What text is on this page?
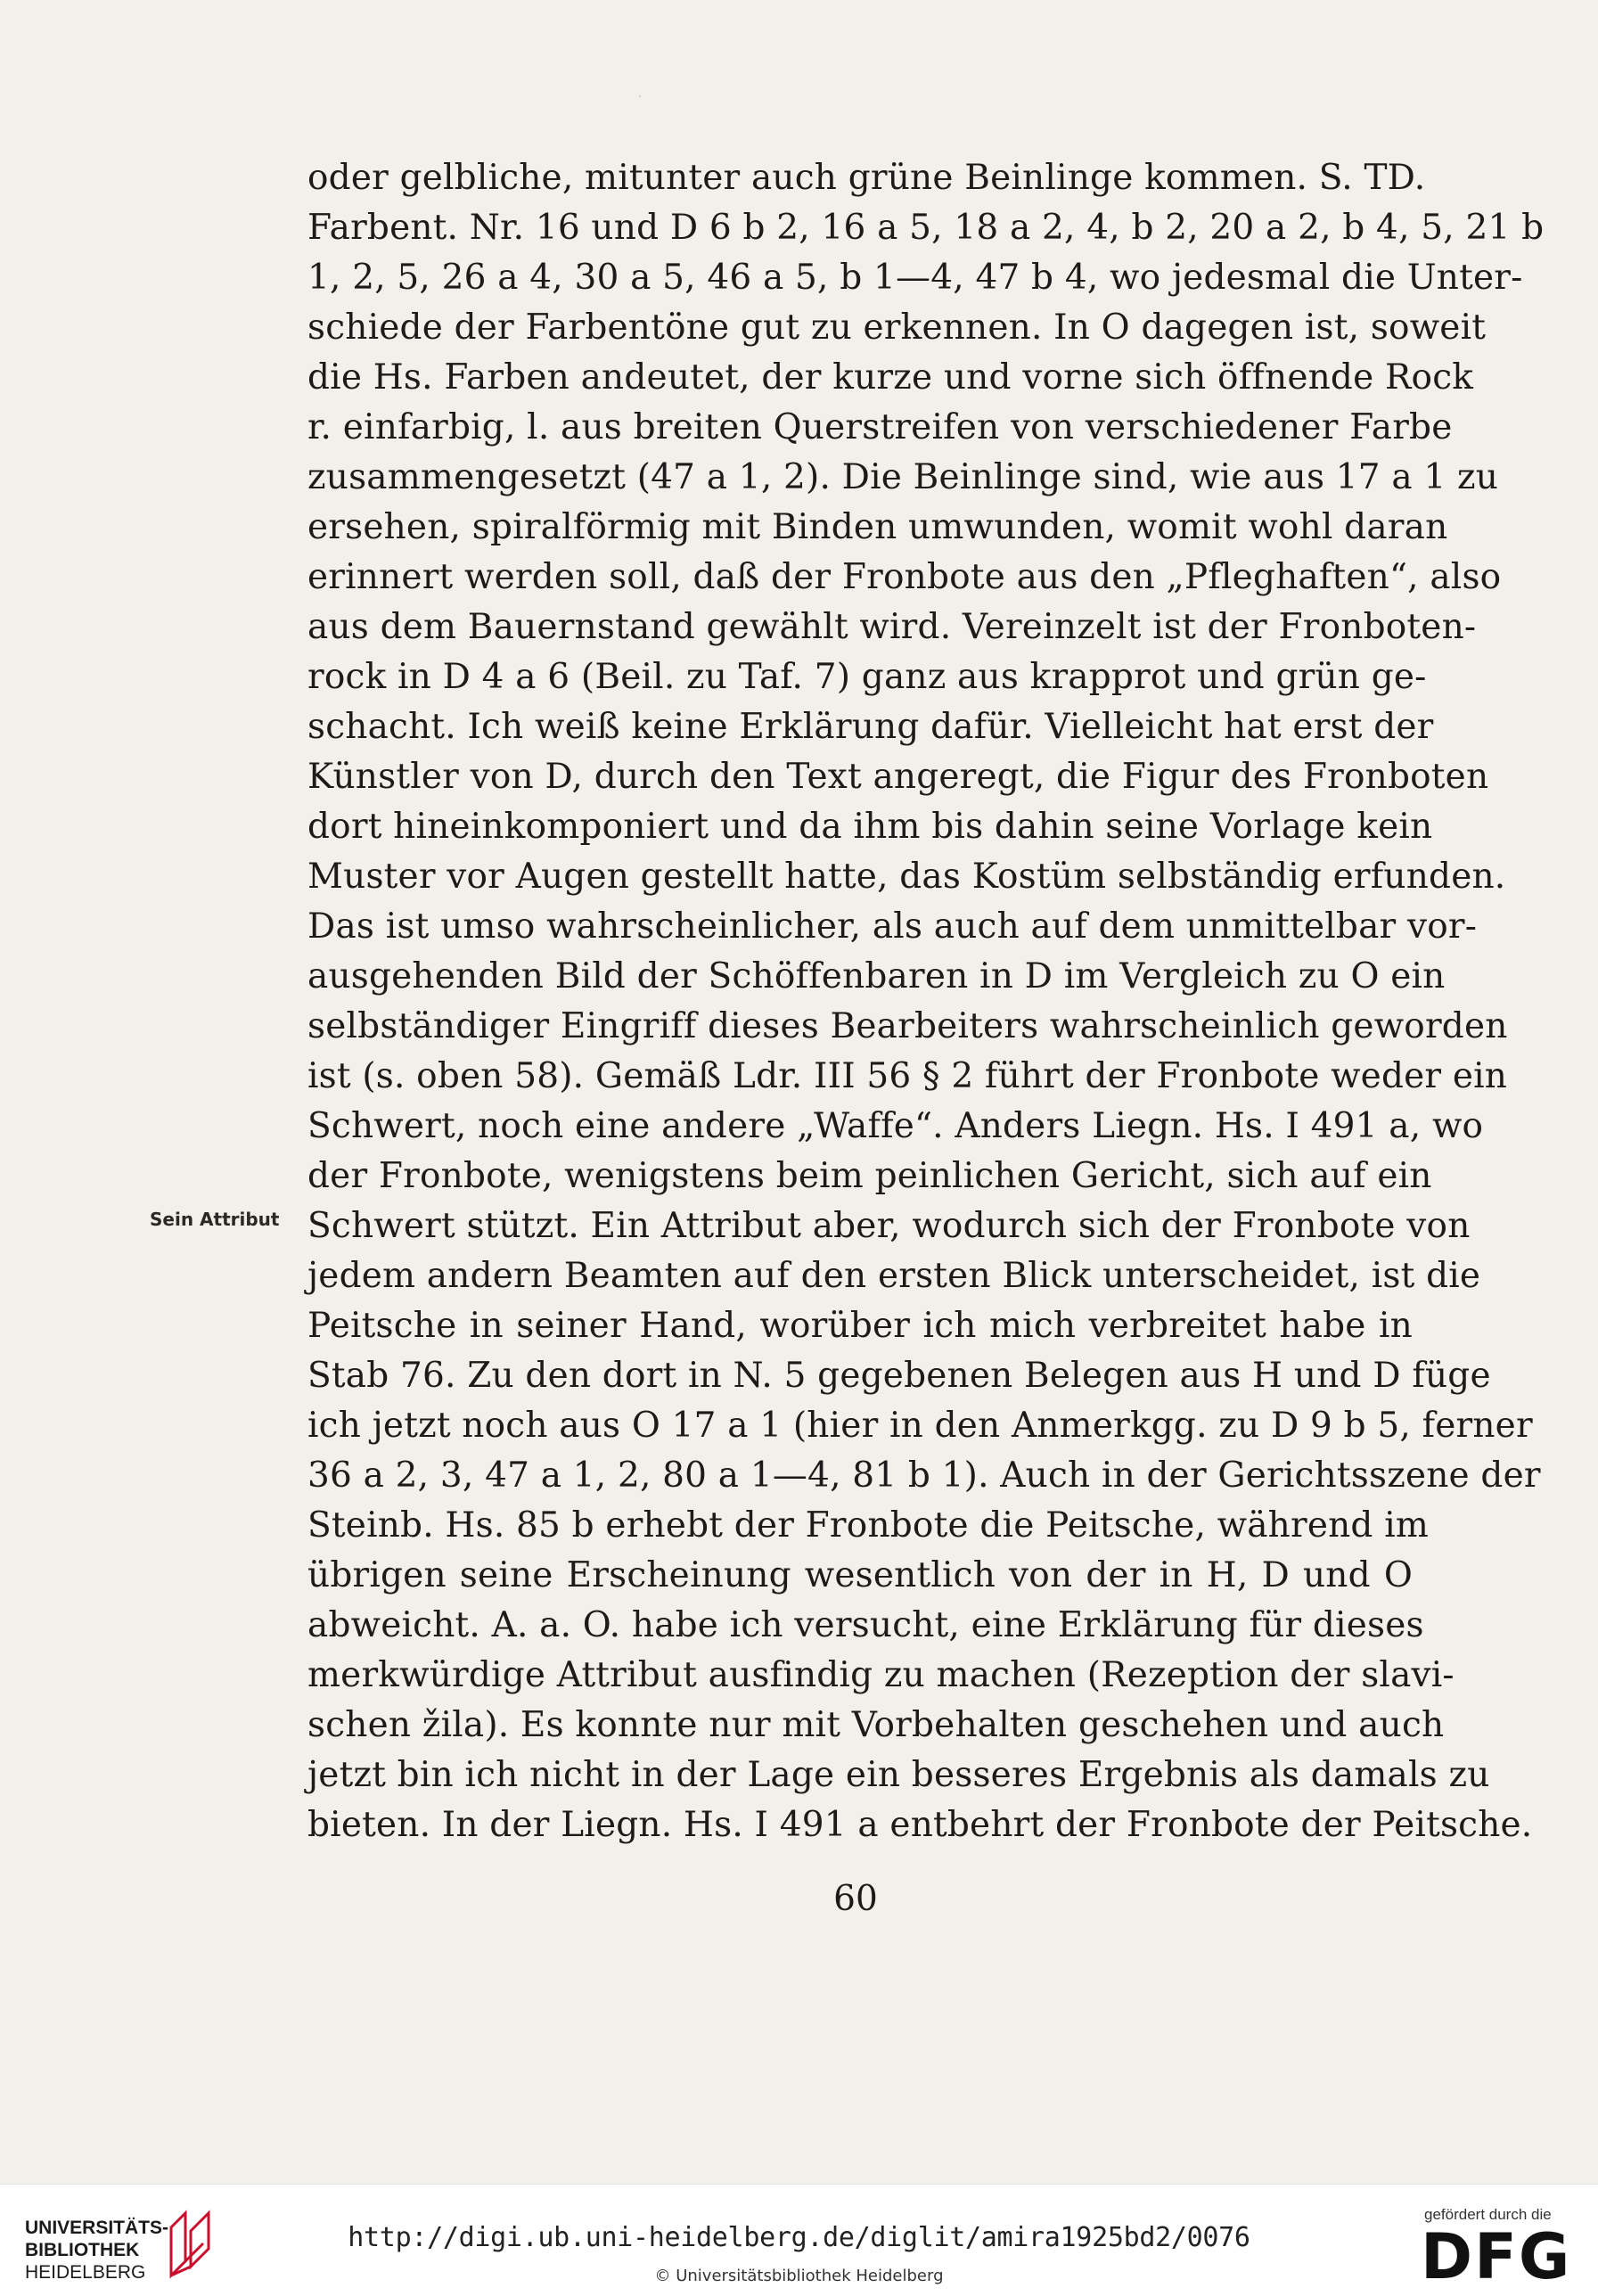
·
Sein Attribut
oder gelbliche, mitunter auch grüne Beinlinge kommen. S. TD.
Farbent. Nr. 16 und D 6 b 2, 16 a 5, 18 a 2, 4, b 2, 20 a 2, b 4, 5, 21 b
1, 2, 5, 26 a 4, 30 a 5, 46 a 5, b 1—4, 47 b 4, wo jedesmal die Unter-
schiede der Farbentöne gut zu erkennen. In O dagegen ist, soweit
die Hs. Farben andeutet, der kurze und vorne sich öffnende Rock
r. einfarbig, l. aus breiten Querstreifen von verschiedener Farbe
zusammengesetzt (47 a 1, 2). Die Beinlinge sind, wie aus 17 a 1 zu
ersehen, spiralförmig mit Binden umwunden, womit wohl daran
erinnert werden soll, daß der Fronbote aus den „Pfleghaften“, also
aus dem Bauernstand gewählt wird. Vereinzelt ist der Fronboten-
rock in D 4 a 6 (Beil. zu Taf. 7) ganz aus krapprot und grün ge-
schacht. Ich weiß keine Erklärung dafür. Vielleicht hat erst der
Künstler von D, durch den Text angeregt, die Figur des Fronboten
dort hineinkomponiert und da ihm bis dahin seine Vorlage kein
Muster vor Augen gestellt hatte, das Kostüm selbständig erfunden.
Das ist umso wahrscheinlicher, als auch auf dem unmittelbar vor-
ausgehenden Bild der Schöffenbaren in D im Vergleich zu O ein
selbständiger Eingriff dieses Bearbeiters wahrscheinlich geworden
ist (s. oben 58). Gemäß Ldr. III 56 § 2 führt der Fronbote weder ein
Schwert, noch eine andere „Waffe“. Anders Liegn. Hs. I 491 a, wo
der Fronbote, wenigstens beim peinlichen Gericht, sich auf ein
Schwert stützt. Ein Attribut aber, wodurch sich der Fronbote von
jedem andern Beamten auf den ersten Blick unterscheidet, ist die
Peitsche in seiner Hand, worüber ich mich verbreitet habe in
Stab 76. Zu den dort in N. 5 gegebenen Belegen aus H und D füge
ich jetzt noch aus O 17 a 1 (hier in den Anmerkgg. zu D 9 b 5, ferner
36 a 2, 3, 47 a 1, 2, 80 a 1—4, 81 b 1). Auch in der Gerichtsszene der
Steinb. Hs. 85 b erhebt der Fronbote die Peitsche, während im
übrigen seine Erscheinung wesentlich von der in H, D und O
abweicht. A. a. O. habe ich versucht, eine Erklärung für dieses
merkwürdige Attribut ausfindig zu machen (Rezeption der slavi-
schen žila). Es konnte nur mit Vorbehalten geschehen und auch
jetzt bin ich nicht in der Lage ein besseres Ergebnis als damals zu
bieten. In der Liegn. Hs. I 491 a entbehrt der Fronbote der Peitsche.
60
UNIVERSITÄTS-
BIBLIOTHEK
HEIDELBERG
http://digi.ub.uni-heidelberg.de/diglit/amira1925bd2/0076
© Universitätsbibliothek Heidelberg
gefördert durch die
DFG
